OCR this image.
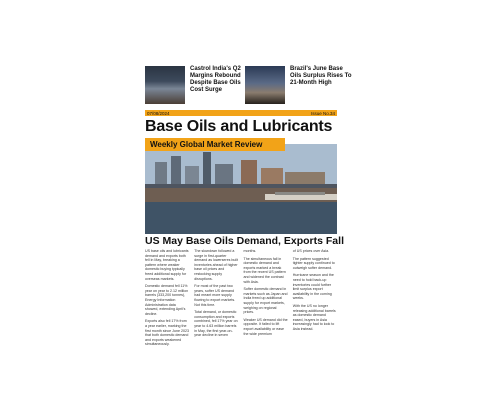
Castrol India's Q2 Margins Rebound Despite Base Oils Cost Surge
Brazil's June Base Oils Surplus Rises To 21-Month High
07/08/2024	Issue No.34
Base Oils and Lubricants
Weekly Global Market Review
US May Base Oils Demand, Exports Fall

US base oils and lubricants demand and exports both fell in May, breaking a pattern where weaker domestic buying typically freed additional supply for overseas markets.

Domestic demand fell 11% year on year to 2.12 million barrels (333,200 tonnes), Energy Information Administration data showed, extending April's decline.

Exports also fell 17% from a year earlier, marking the first month since June 2023 that both domestic demand and exports weakened simultaneously.

The slowdown followed a surge in first-quarter demand as lowerseres built inventories ahead of higher base oil prices and restocking supply disruptions.

For most of the past two years, softer US demand had meant more supply flowing to export markets. Not this time.

Total demand, or domestic consumption and exports combined, fell 17% year on year to 4.63 million barrels in May, the first year-on-year decline in seven

months.

The simultaneous fall in domestic demand and exports marked a break from the recent US pattern and widened the contrast with Asia.

Softer domestic demand in markets such as Japan and India freed up additional supply for export markets, weighing on regional prices.

Weaker US demand did the opposite. It failed to lift export availability or ease the wide premium

of US prices over Asia.

The pattern suggested tighter supply continued to outweigh softer demand.

Hurricane season and the need to hold back-up inventories could further limit surplus export availability in the coming weeks.

With the US no longer releasing additional barrels as domestic demand eased, buyers in Asia increasingly had to look to Asia instead.
